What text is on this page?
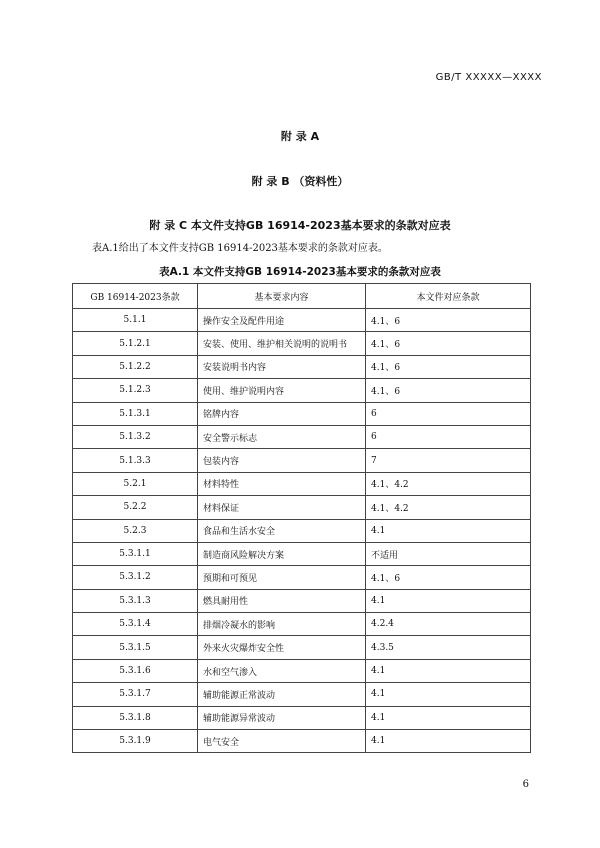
GB/T XXXXX—XXXX
附 录 A
附 录 B （资料性）
附 录 C 本文件支持GB 16914-2023基本要求的条款对应表
表A.1给出了本文件支持GB 16914-2023基本要求的条款对应表。
表A.1 本文件支持GB 16914-2023基本要求的条款对应表
GB 16914-2023条款	基本要求内容	本文件对应条款
5.1.1	操作安全及配件用途	4.1、6
5.1.2.1	安装、使用、维护相关说明的说明书	4.1、6
5.1.2.2	安装说明书内容	4.1、6
5.1.2.3	使用、维护说明内容	4.1、6
5.1.3.1	铭牌内容	6
5.1.3.2	安全警示标志	6
5.1.3.3	包装内容	7
5.2.1	材料特性	4.1、4.2
5.2.2	材料保证	4.1、4.2
5.2.3	食品和生活水安全	4.1
5.3.1.1	制造商风险解决方案	不适用
5.3.1.2	预期和可预见	4.1、6
5.3.1.3	燃具耐用性	4.1
5.3.1.4	排烟冷凝水的影响	4.2.4
5.3.1.5	外来火灾爆炸安全性	4.3.5
5.3.1.6	水和空气渗入	4.1
5.3.1.7	辅助能源正常波动	4.1
5.3.1.8	辅助能源异常波动	4.1
5.3.1.9	电气安全	4.1
6
